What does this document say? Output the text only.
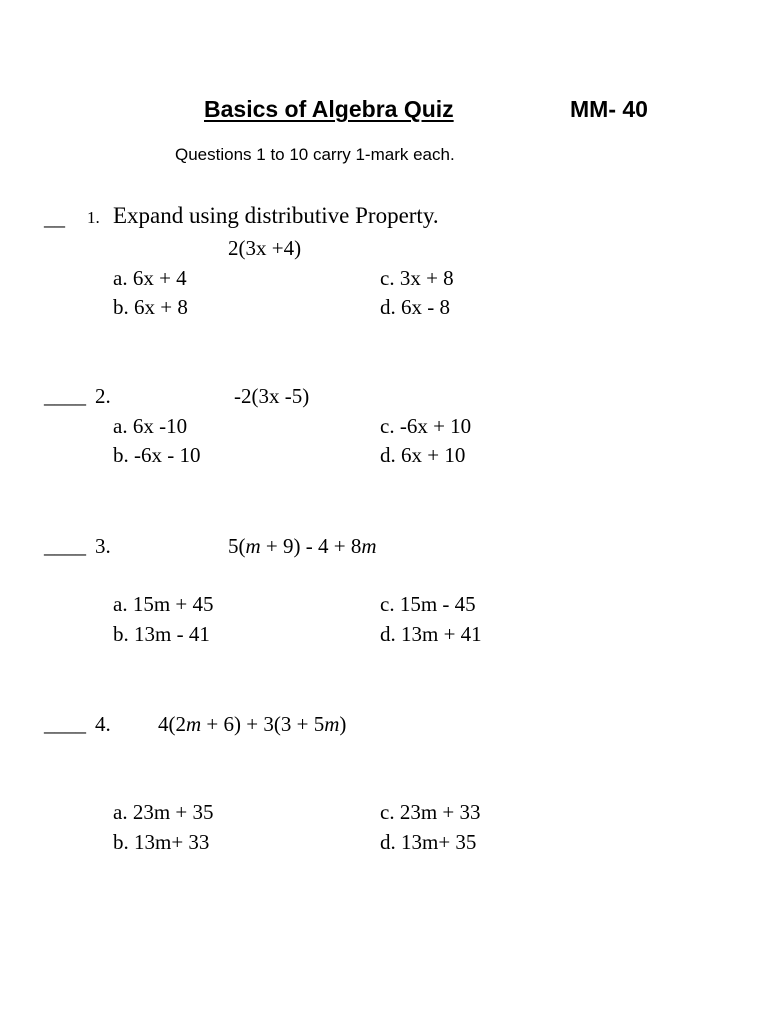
Basics of Algebra Quiz	MM- 40
Questions 1 to 10 carry 1-mark each.
__ 1. Expand using distributive Property.
2(3x +4)
a. 6x + 4
b. 6x + 8
c. 3x + 8
d. 6x - 8
____ 2.	-2(3x -5)
a. 6x -10
b. -6x - 10
c. -6x + 10
d. 6x + 10
____ 3.	5(m + 9) - 4 + 8m
a. 15m + 45
b. 13m - 41
c. 15m - 45
d. 13m + 41
____ 4. 4(2m + 6) + 3(3 + 5m)
a. 23m + 35
b. 13m+ 33
c. 23m + 33
d. 13m+ 35
